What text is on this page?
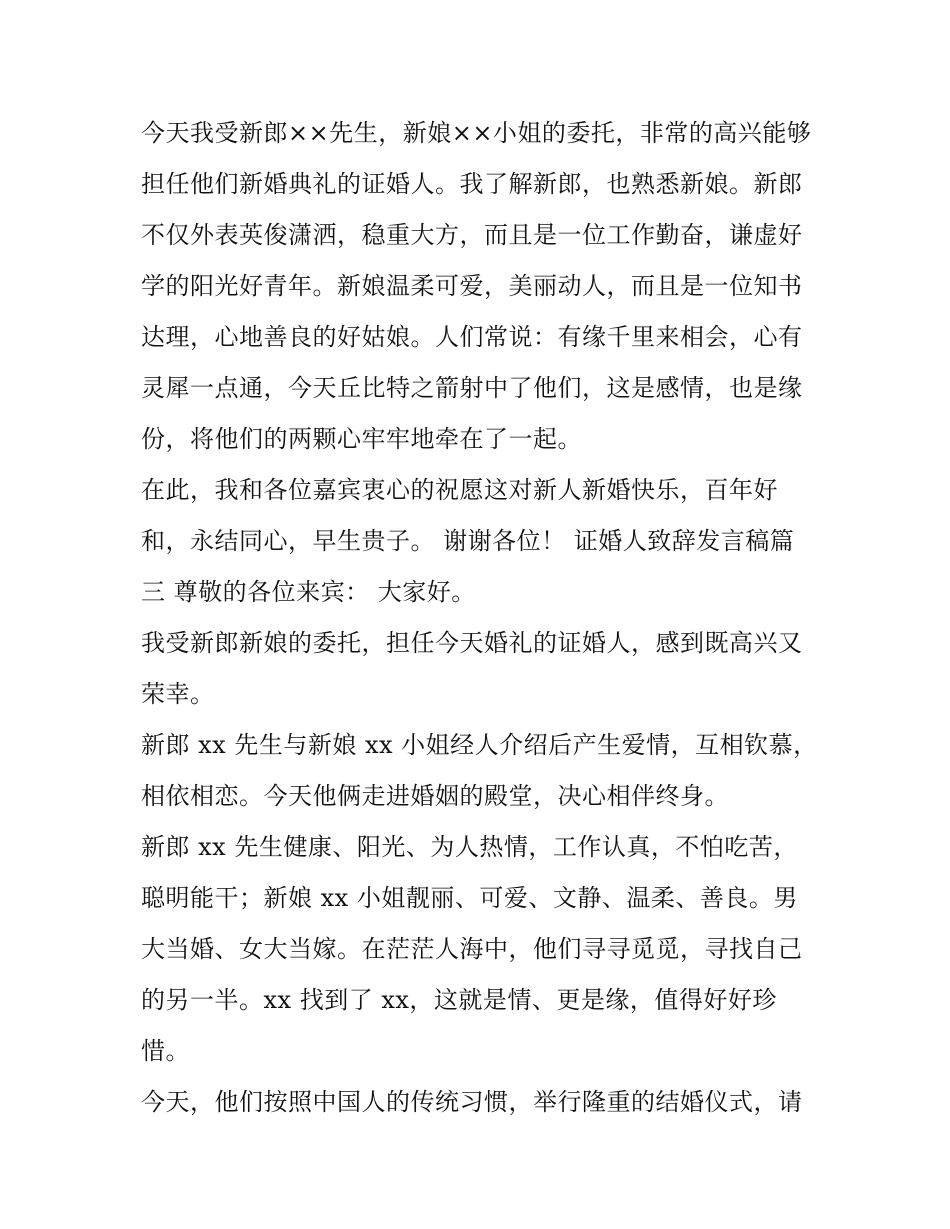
今天我受新郎××先生，新娘××小姐的委托，非常的高兴能够
担任他们新婚典礼的证婚人。我了解新郎，也熟悉新娘。新郎
不仅外表英俊潇洒，稳重大方，而且是一位工作勤奋，谦虚好
学的阳光好青年。新娘温柔可爱，美丽动人，而且是一位知书
达理，心地善良的好姑娘。人们常说：有缘千里来相会，心有
灵犀一点通，今天丘比特之箭射中了他们，这是感情，也是缘
份，将他们的两颗心牢牢地牵在了一起。
在此，我和各位嘉宾衷心的祝愿这对新人新婚快乐，百年好
和，永结同心，早生贵子。 谢谢各位！ 证婚人致辞发言稿篇
三 尊敬的各位来宾： 大家好。
我受新郎新娘的委托，担任今天婚礼的证婚人，感到既高兴又
荣幸。
新郎 xx 先生与新娘 xx 小姐经人介绍后产生爱情，互相钦慕，
相依相恋。今天他俩走进婚姻的殿堂，决心相伴终身。
新郎 xx 先生健康、阳光、为人热情，工作认真，不怕吃苦，
聪明能干；新娘 xx 小姐靓丽、可爱、文静、温柔、善良。男
大当婚、女大当嫁。在茫茫人海中，他们寻寻觅觅，寻找自己
的另一半。xx 找到了 xx，这就是情、更是缘，值得好好珍
惜。
今天，他们按照中国人的传统习惯，举行隆重的结婚仪式，请
